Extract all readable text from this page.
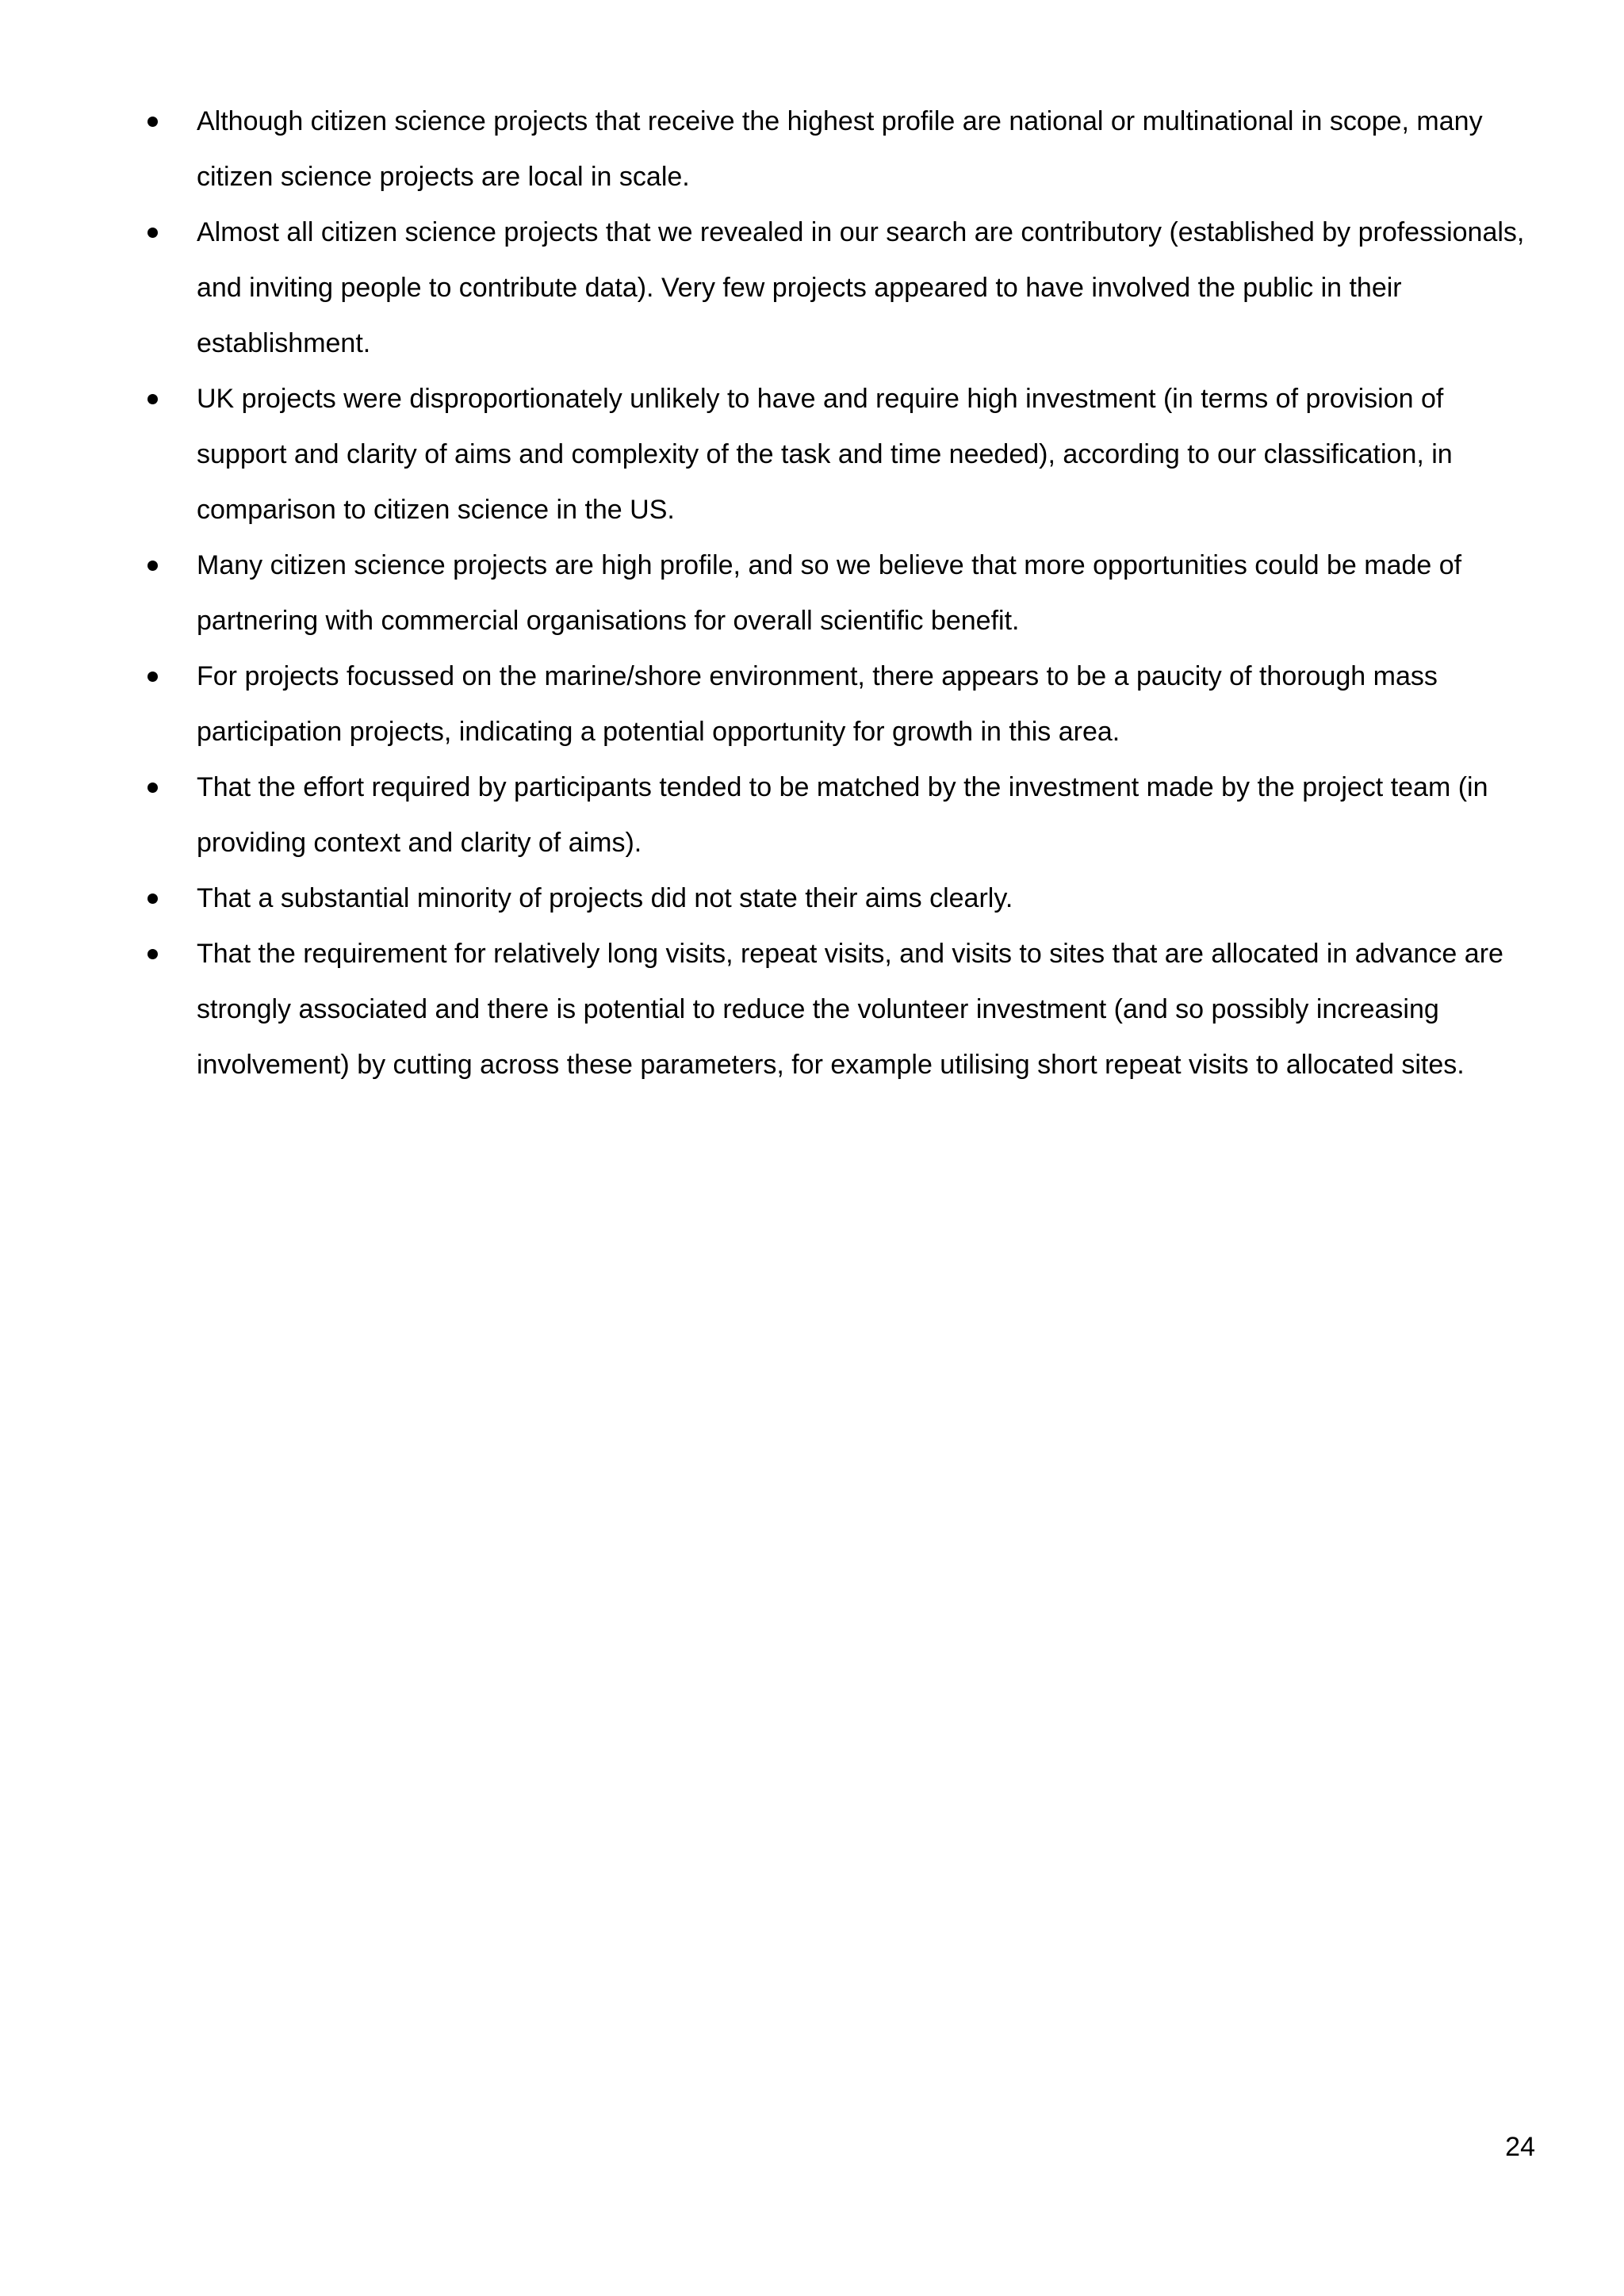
Although citizen science projects that receive the highest profile are national or multinational in scope, many citizen science projects are local in scale.
Almost all citizen science projects that we revealed in our search are contributory (established by professionals, and inviting people to contribute data). Very few projects appeared to have involved the public in their establishment.
UK projects were disproportionately unlikely to have and require high investment (in terms of provision of support and clarity of aims and complexity of the task and time needed), according to our classification, in comparison to citizen science in the US.
Many citizen science projects are high profile, and so we believe that more opportunities could be made of partnering with commercial organisations for overall scientific benefit.
For projects focussed on the marine/shore environment, there appears to be a paucity of thorough mass participation projects, indicating a potential opportunity for growth in this area.
That the effort required by participants tended to be matched by the investment made by the project team (in providing context and clarity of aims).
That a substantial minority of projects did not state their aims clearly.
That the requirement for relatively long visits, repeat visits, and visits to sites that are allocated in advance are strongly associated and there is potential to reduce the volunteer investment (and so possibly increasing involvement) by cutting across these parameters, for example utilising short repeat visits to allocated sites.
24
